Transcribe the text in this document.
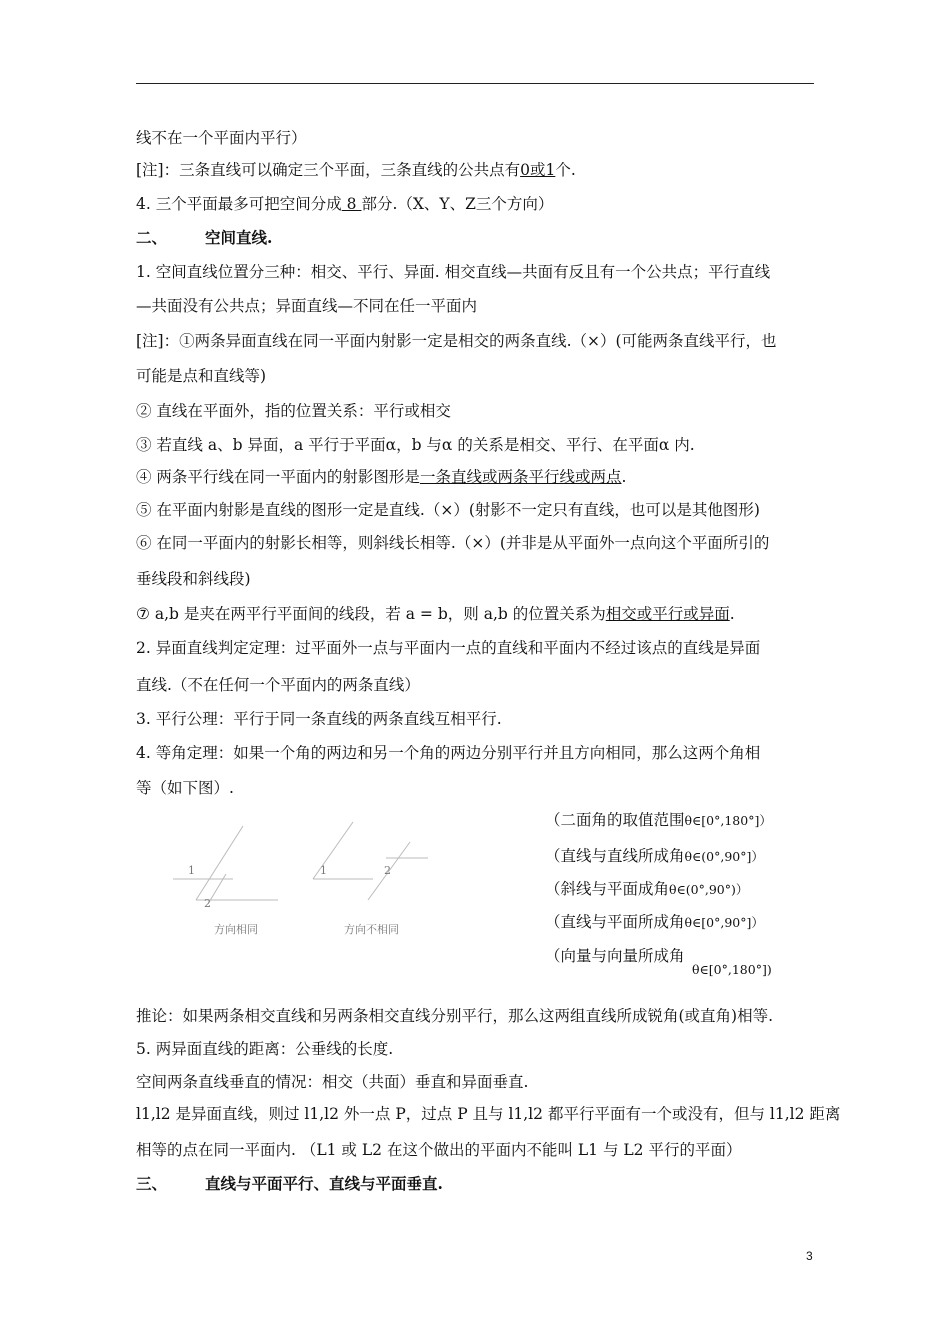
线不在一个平面内平行）
[注]：三条直线可以确定三个平面，三条直线的公共点有0或1个.
4. 三个平面最多可把空间分成 8 部分.（X、Y、Z三个方向）
二、 空间直线.
1. 空间直线位置分三种：相交、平行、异面. 相交直线—共面有反且有一个公共点；平行直线
—共面没有公共点；异面直线—不同在任一平面内
[注]：①两条异面直线在同一平面内射影一定是相交的两条直线.（×）(可能两条直线平行，也
可能是点和直线等)
② 直线在平面外，指的位置关系：平行或相交
③ 若直线 a、b 异面，a 平行于平面α，b 与α 的关系是相交、平行、在平面α 内.
④ 两条平行线在同一平面内的射影图形是一条直线或两条平行线或两点.
⑤ 在平面内射影是直线的图形一定是直线.（×）(射影不一定只有直线，也可以是其他图形)
⑥ 在同一平面内的射影长相等，则斜线长相等.（×）(并非是从平面外一点向这个平面所引的
垂线段和斜线段)
⑦ a,b 是夹在两平行平面间的线段，若 a = b，则 a,b 的位置关系为相交或平行或异面.
2. 异面直线判定定理：过平面外一点与平面内一点的直线和平面内不经过该点的直线是异面
直线.（不在任何一个平面内的两条直线）
3. 平行公理：平行于同一条直线的两条直线互相平行.
4. 等角定理：如果一个角的两边和另一个角的两边分别平行并且方向相同，那么这两个角相
等（如下图）.
1
2
1	2
方向相同	方向不相同
（二面角的取值范围θ∈[0°,180°]）
（直线与直线所成角θ∈(0°,90°]）
（斜线与平面成角θ∈(0°,90°)）
（直线与平面所成角θ∈[0°,90°]）
（向量与向量所成角
θ∈[0°,180°])
推论：如果两条相交直线和另两条相交直线分别平行，那么这两组直线所成锐角(或直角)相等.
5. 两异面直线的距离：公垂线的长度.
空间两条直线垂直的情况：相交（共面）垂直和异面垂直.
l1,l2 是异面直线，则过 l1,l2 外一点 P，过点 P 且与 l1,l2 都平行平面有一个或没有，但与 l1,l2 距离
相等的点在同一平面内. （L1 或 L2 在这个做出的平面内不能叫 L1 与 L2 平行的平面）
三、 直线与平面平行、直线与平面垂直.
3
